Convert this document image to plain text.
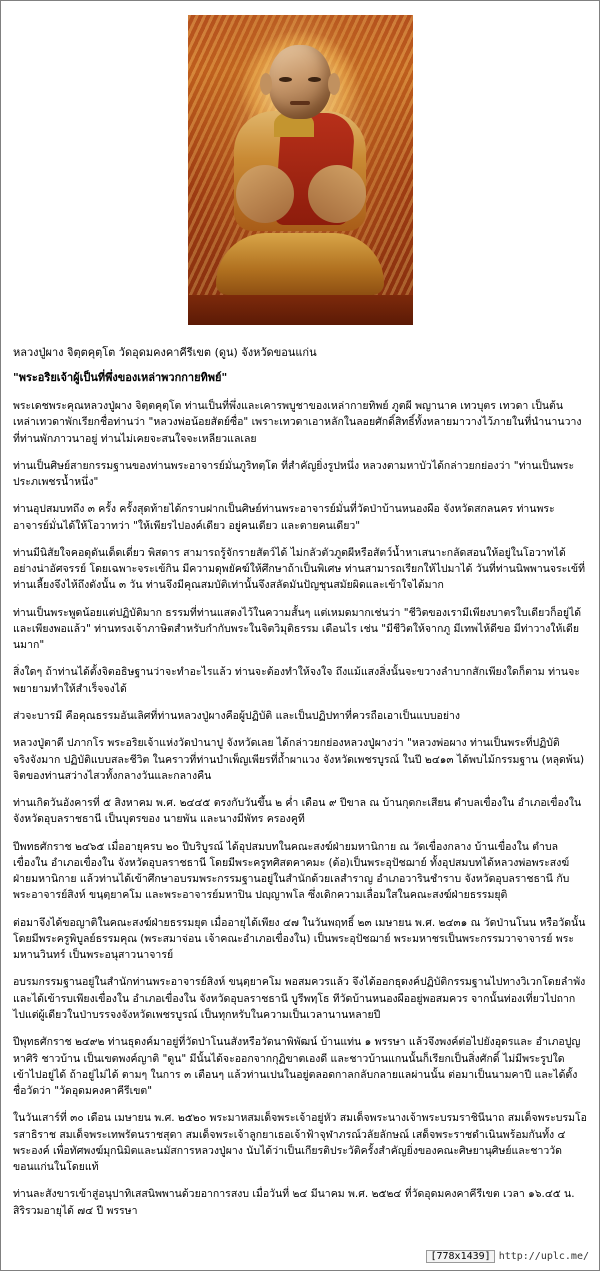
หลวงปู่ผาง จิตฺตคุตฺโต วัดอุดมคงคาคีรีเขต (ดูน) จังหวัดขอนแก่น
"พระอริยเจ้าผู้เป็นที่พึ่งของเหล่าพวกกายทิพย์"

พระเดชพระคุณหลวงปู่ผาง จิตฺตคุตฺโต ท่านเป็นที่พึ่งและเคารพบูชาของเหล่ากายทิพย์ ภูตผี พญานาค เทวบุตร เทวดา เป็นต้น เหล่าเทวดาพักเรียกชื่อท่านว่า "หลวงพ่อน้อยสัตย์ซื่อ" เพราะเทวดาเอาหลักในลอยศักดิ์สิทธิ์ทั้งหลายมาวางไว้ภายในที่นำนานวางที่ท่านพักภาวนาอยู่ ท่านไม่เคยจะสนใจจะเหลียวแลเลย

ท่านเป็นศิษย์สายกรรมฐานของท่านพระอาจารย์มั่นภูริทตฺโต ที่สำคัญยิ่งรูปหนึ่ง หลวงตามหาบัวได้กล่าวยกย่องว่า "ท่านเป็นพระประภเพชรน้ำหนึ่ง"

ท่านอุปสมบทถึง ๓ ครั้ง ครั้งสุดท้ายได้กราบฝากเป็นศิษย์ท่านพระอาจารย์มั่นที่วัดป่าบ้านหนองผือ จังหวัดสกลนคร ท่านพระอาจารย์มั่นได้ให้โอวาทว่า "ให้เพียรไปองค์เดียว อยู่คนเดียว และตายคนเดียว"

ท่านมีนิสัยใจคอดุดันเด็ดเดี่ยว พิสดาร สามารถรู้จักรายสัตว์ได้ ไม่กลัวตัวภูตผีหรือสัตว์น้ำหาเสนาะกลัดสอนให้อยู่ในโอวาทได้อย่างน่าอัศจรรย์ โดยเฉพาะจระเข้กิน มีความดุพยัคฆ์ให้ศึกษาถ้าเป็นพิเศษ ท่านสามารถเรียกให้ไปมาได้ วันที่ท่านนิพพานจระเข้ที่ท่านเลี้ยงจึงไห้ถึงดังนั้น ๓ วัน ท่านจึงมีคุณสมบัติเท่านั้นจึงสลัดมันปัญชุนสมัยผิดและเข้าใจได้มาก

ท่านเป็นพระพูดน้อยแต่ปฏิบัติมาก ธรรมที่ท่านแสดงไว้ในความสั้นๆ แต่เหมดมากเช่นว่า "ชีวิตของเรามีเพียงบาตรใบเดียวก็อยู่ได้ และเพียงพอแล้ว" ท่านทรงเจ้าภาษิตสำหรับกำกับพระในจิตวิมุติธรรม เดือนไร เช่น "มีชีวิตให้จากภู มีเทพไห้ดีขอ มีท่าวางให้เดียนมาก"

สิ่งใดๆ ถ้าท่านได้ตั้งจิตอธิษฐานว่าจะทำอะไรแล้ว ท่านจะต้องทำให้จงใจ ถึงแม้แสงสิ่งนั้นจะขวางลำบากสักเพียงใดก็ตาม ท่านจะพยายามทำให้สำเร็จจงได้

ส่วจะบารมี คือคุณธรรมอันเลิศที่ท่านหลวงปู่ผางคือผู้ปฏิบัติ และเป็นปฏิปทาที่ควรถือเอาเป็นแบบอย่าง

หลวงปู่ตาดี ปภากโร พระอริยเจ้าแห่งวัดป่านาปู จังหวัดเลย ได้กล่าวยกย่องหลวงปู่ผางว่า "หลวงพ่อผาง ท่านเป็นพระที่ปฏิบัติจริงจังมาก ปฏิบัติแบบสละชีวิต ในคราวที่ท่านบำเพ็ญเพียรที่ถ้ำผาแวง จังหวัดเพชรบูรณ์ ในปี ๒๔๑๓ ได้พบไม้กรรมฐาน (หลุดพ้น) จิตของท่านสว่างไสวทั้งกลางวันและกลางคืน

ท่านเกิดวันอังคารที่ ๕ สิงหาคม พ.ศ. ๒๔๔๕ ตรงกับวันขึ้น ๒ ค่ำ เดือน ๙ ปีขาล ณ บ้านกุดกะเสียน ตำบลเขื่องใน อำเภอเขื่องใน จังหวัดอุบลราชธานี เป็นบุตรของ นายพัน และนางมีพัทร ครองคูที

ปีพทธศักราช ๒๔๖๕ เมื่ออายุครบ ๒๐ ปีบริบูรณ์ ได้อุปสมบทในคณะสงฆ์ฝ่ายมหานิกาย ณ วัดเขื่องกลาง บ้านเขื่องใน ตำบลเขื่องใน อำเภอเขื่องใน จังหวัดอุบลราชธานี โดยมีพระครูทศิสตคาคมะ (ด้อ)เป็นพระอุปัชฌาย์ ทั้งอุปสมบทได้หลวงพ่อพระสงฆ์ฝ่ายมหานิกาย แล้วท่านได้เข้าศึกษาอบรมพระกรรมฐานอยู่ในสำนักด้วยเลสำราญ อำเภอวารินชำราบ จังหวัดอุบลราชธานี กับพระอาจารย์สิงห์ ขนฺตฺยาคโม และพระอาจารย์มหาปิน ปญฺญาพโล ซึ่งเดิกความเลื่อมใสในคณะสงฆ์ฝ่ายธรรมยุติ

ต่อมาจึงได้ขอญาติในคณะสงฆ์ฝ่ายธรรมยุต เมื่ออายุได้เพียง ๔๗ ในวันพฤทธิ์ ๒๓ เมษายน พ.ศ. ๒๔๓๑ ณ วัดป่านโนน หรือวัดนั้น โดยมีพระครูพิบูลย์ธรรมคุณ (พระสมาจ่อน เจ้าคณะอำเภอเขื่องใน) เป็นพระอุปัชฌาย์ พระมหาชรเป็นพระกรรมวาจาจารย์ พระมหานวินทร์ เป็นพระอนุสาวนาจารย์

อบรมกรรมฐานอยู่ในสำนักท่านพระอาจารย์สิงห์ ขนฺตฺยาคโม พอสมควรแล้ว จึงได้ออกธุดงค์ปฏิบัติกรรมฐานไปทางวิเวกโดยลำพัง และได้เข้ารบเพียงเขื่องใน อำเภอเขื่องใน จังหวัดอุบลราชธานี บูรีพทฺโธ ทีวัดบ้านหนองผืออยู่พอสมควร จากนั้นท่องเที่ยวไปถากไปแต่ผู้เดียวในป่าบรรจงจังหวัดเพชรบูรณ์ เป็นทุกหรับในความเป็นเวลานานหลายปี

ปีพุทธศักราช ๒๔๙๒ ท่านธุดงค์มาอยู่ที่วัดป่าโนนสังหรือวัดนาพิพัฒน์ บ้านแท่น ๑ พรรษา แล้วจึงพงค์ต่อไปยังอุดรและ อำเภอปูญหาศิริ ชาวบ้าน เป็นเขตพงค์ญาติ "ดูน" มีนั้นได้จะออกจากกุฏิขาตเองดี และชาวบ้านแกนนั้นก็เรียกเป็นสิ่งศักดิ์ ไม่มีพระรูปใดเข้าไปอยู่ได้ ถ้าอยู่ไม่ได้ ตามๆ ในการ ๓ เตือนๆ แล้วท่านเปนในอยู่ตลอดกาลกลับกลายแลผ่านนั้น ต่อมาเป็นนามคาปี และได้ตั้งชื่อวัดว่า "วัดอุดมคงคาคีรีเขต"

ในวันเสาร์ที่ ๓๐ เดือน เมษายน พ.ศ. ๒๕๒๐ พระมาหสมเด็จพระเจ้าอยู่หัว สมเด็จพระนางเจ้าพระบรมราชินีนาถ สมเด็จพระบรมโอรสาธิราช สมเด็จพระเทพรัตนราชสุดา สมเด็จพระเจ้าลูกยาเธอเจ้าฟ้าจุฬาภรณ์วลัยลักษณ์ เสด็จพระราชดำเนินพร้อมกันทั้ง ๔ พระองค์ เพื่อทัศพงฆ์มุกนิมิตและนมัสการหลวงปู่ผาง นับได้ว่าเป็นเกียรติประวัติครั้งสำคัญยิ่งของคณะศิษยานุศิษย์และชาววัดขอนแก่นในโดยแท้

ท่านละสังขารเข้าสู่อนุปาทิเสสนิพพานด้วยอาการสงบ เมื่อวันที่ ๒๔ มีนาคม พ.ศ. ๒๕๒๔ ที่วัดอุดมคงคาคีรีเขต เวลา ๑๖.๔๕ น. สิริรวมอายุได้ ๗๔ ปี พรรษา

[778x1439] http://uplc.me/
